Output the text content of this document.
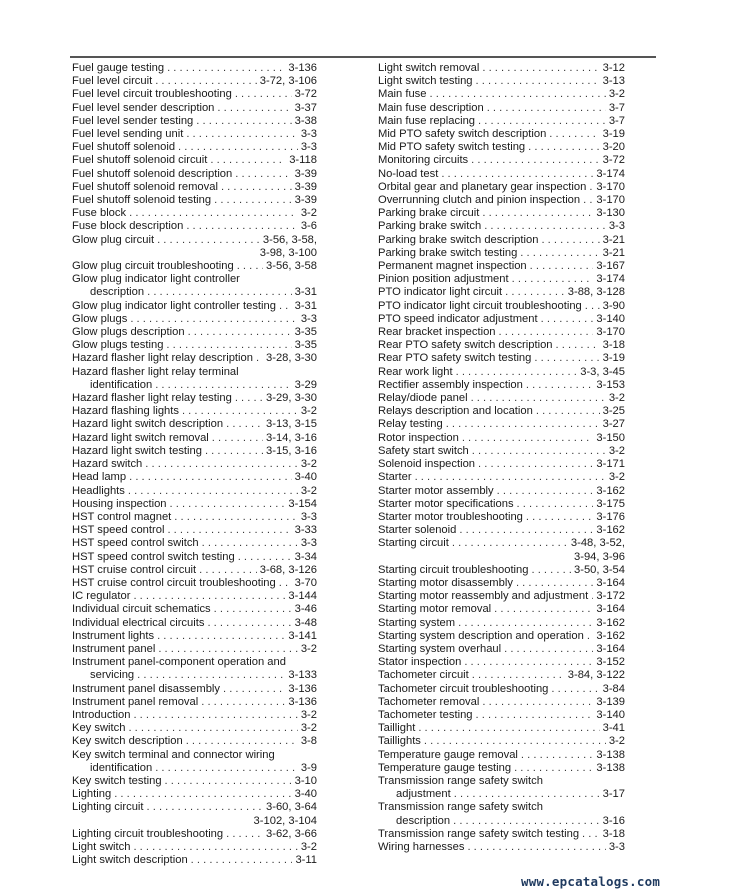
Fuel gauge testing . . .	3-136
Fuel level circuit . . .	3-72, 3-106
Fuel level circuit troubleshooting . . .	3-72
Fuel level sender description . . .	3-37
Fuel level sender testing . . .	3-38
Fuel level sending unit . . .	3-3
Fuel shutoff solenoid . . .	3-3
Fuel shutoff solenoid circuit . . .	3-118
Fuel shutoff solenoid description . . .	3-39
Fuel shutoff solenoid removal . . .	3-39
Fuel shutoff solenoid testing . . .	3-39
Fuse block . . .	3-2
Fuse block description . . .	3-6
Glow plug circuit . . .	3-56, 3-58,
3-98, 3-100
Glow plug circuit troubleshooting . . .	3-56, 3-58
Glow plug indicator light controller
description . . .	3-31
Glow plug indicator light controller testing . . . 3-31
Glow plugs . . .	3-3
Glow plugs description . . .	3-35
Glow plugs testing . . .	3-35
Hazard flasher light relay description . . . 3-28, 3-30
Hazard flasher light relay terminal
identification . . .	3-29
Hazard flasher light relay testing . . .	3-29, 3-30
Hazard flashing lights . . .	3-2
Hazard light switch description . . .	3-13, 3-15
Hazard light switch removal . . .	3-14, 3-16
Hazard light switch testing . . .	3-15, 3-16
Hazard switch . . .	3-2
Head lamp . . .	3-40
Headlights . . .	3-2
Housing inspection . . .	3-154
HST control magnet . . .	3-3
HST speed control . . .	3-33
HST speed control switch . . .	3-3
HST speed control switch testing . . .	3-34
HST cruise control circuit . . .	3-68, 3-126
HST cruise control circuit troubleshooting . . . 3-70
IC regulator . . .	3-144
Individual circuit schematics . . .	3-46
Individual electrical circuits . . .	3-48
Instrument lights . . .	3-141
Instrument panel . . .	3-2
Instrument panel-component operation and
servicing . . .	3-133
Instrument panel disassembly . . .	3-136
Instrument panel removal . . .	3-136
Introduction . . .	3-2
Key switch . . .	3-2
Key switch description . . .	3-8
Key switch terminal and connector wiring
identification . . .	3-9
Key switch testing . . .	3-10
Lighting . . .	3-40
Lighting circuit . . .	3-60, 3-64
3-102, 3-104
Lighting circuit troubleshooting . . .	3-62, 3-66
Light switch . . .	3-2
Light switch description . . .	3-11
Light switch removal . . .	3-12
Light switch testing . . .	3-13
Main fuse . . .	3-2
Main fuse description . . .	3-7
Main fuse replacing . . .	3-7
Mid PTO safety switch description . . .	3-19
Mid PTO safety switch testing . . .	3-20
Monitoring circuits . . .	3-72
No-load test . . .	3-174
Orbital gear and planetary gear inspection . . . 3-170
Overrunning clutch and pinion inspection . . . 3-170
Parking brake circuit . . .	3-130
Parking brake switch . . .	3-3
Parking brake switch description . . .	3-21
Parking brake switch testing . . .	3-21
Permanent magnet inspection . . .	3-167
Pinion position adjustment . . .	3-174
PTO indicator light circuit . . .	3-88, 3-128
PTO indicator light circuit troubleshooting . . . 3-90
PTO speed indicator adjustment . . .	3-140
Rear bracket inspection . . .	3-170
Rear PTO safety switch description . . .	3-18
Rear PTO safety switch testing . . .	3-19
Rear work light . . .	3-3, 3-45
Rectifier assembly inspection . . .	3-153
Relay/diode panel . . .	3-2
Relays description and location . . .	3-25
Relay testing . . .	3-27
Rotor inspection . . .	3-150
Safety start switch . . .	3-2
Solenoid inspection . . .	3-171
Starter . . .	3-2
Starter motor assembly . . .	3-162
Starter motor specifications . . .	3-175
Starter motor troubleshooting . . .	3-176
Starter solenoid . . .	3-162
Starting circuit . . .	3-48, 3-52,
3-94, 3-96
Starting circuit troubleshooting . . .	3-50, 3-54
Starting motor disassembly . . .	3-164
Starting motor reassembly and adjustment . . . 3-172
Starting motor removal . . .	3-164
Starting system . . .	3-162
Starting system description and operation . . . 3-162
Starting system overhaul . . .	3-164
Stator inspection . . .	3-152
Tachometer circuit . . .	3-84, 3-122
Tachometer circuit troubleshooting . . .	3-84
Tachometer removal . . .	3-139
Tachometer testing . . .	3-140
Taillight . . .	3-41
Taillights . . .	3-2
Temperature gauge removal . . .	3-138
Temperature gauge testing . . .	3-138
Transmission range safety switch
adjustment . . .	3-17
Transmission range safety switch
description . . .	3-16
Transmission range safety switch testing . . . 3-18
Wiring harnesses . . .	3-3
www.epcatalogs.com
